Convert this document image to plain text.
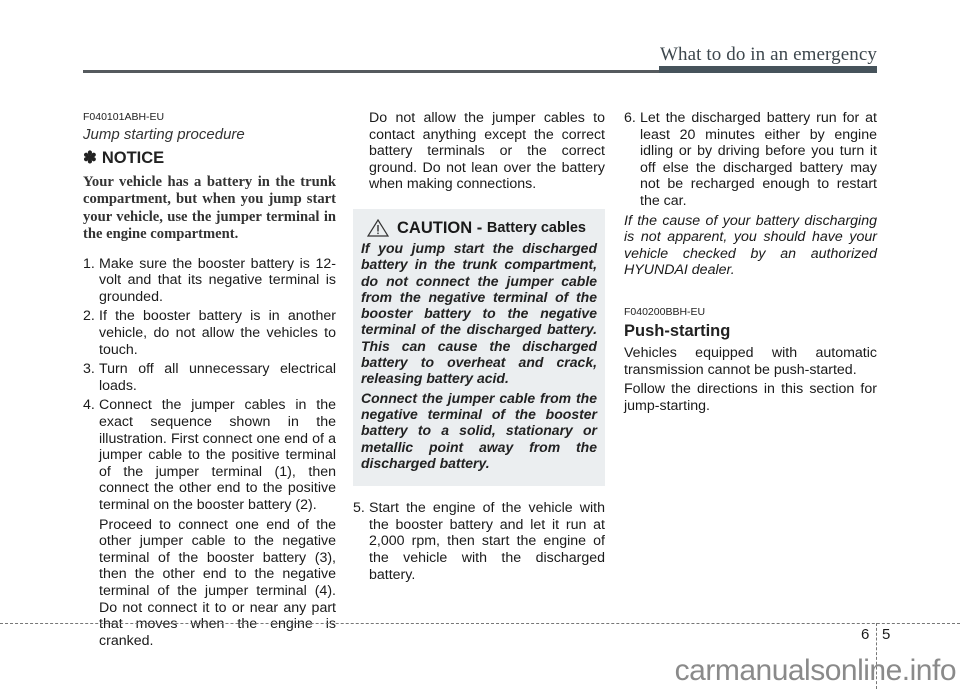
What to do in an emergency
F040101ABH-EU
Jump starting procedure
✽ NOTICE
Your vehicle has a battery in the trunk compartment, but when you jump start your vehicle, use the jumper terminal in the engine compartment.
1. Make sure the booster battery is 12-volt and that its negative terminal is grounded.
2. If the booster battery is in another vehicle, do not allow the vehicles to touch.
3. Turn off all unnecessary electrical loads.
4. Connect the jumper cables in the exact sequence shown in the illustration. First connect one end of a jumper cable to the positive terminal of the jumper terminal (1), then connect the other end to the positive terminal on the booster battery (2).
Proceed to connect one end of the other jumper cable to the negative terminal of the booster battery (3), then the other end to the negative terminal of the jumper terminal (4). Do not connect it to or near any part that moves when the engine is cranked.
Do not allow the jumper cables to contact anything except the correct battery terminals or the correct ground. Do not lean over the battery when making connections.
CAUTION -
Battery cables
If you jump start the discharged battery in the trunk compartment, do not connect the jumper cable from the negative terminal of the booster battery to the negative terminal of the discharged battery. This can cause the discharged battery to overheat and crack, releasing battery acid.
Connect the jumper cable from the negative terminal of the booster battery to a solid, stationary or metallic point away from the discharged battery.
5. Start the engine of the vehicle with the booster battery and let it run at 2,000 rpm, then start the engine of the vehicle with the discharged battery.
6. Let the discharged battery run for at least 20 minutes either by engine idling or by driving before you turn it off else the discharged battery may not be recharged enough to restart the car.
If the cause of your battery discharging is not apparent, you should have your vehicle checked by an authorized HYUNDAI dealer.
F040200BBH-EU
Push-starting
Vehicles equipped with automatic transmission cannot be push-started.
Follow the directions in this section for jump-starting.
6 5
carmanualsonline.info
